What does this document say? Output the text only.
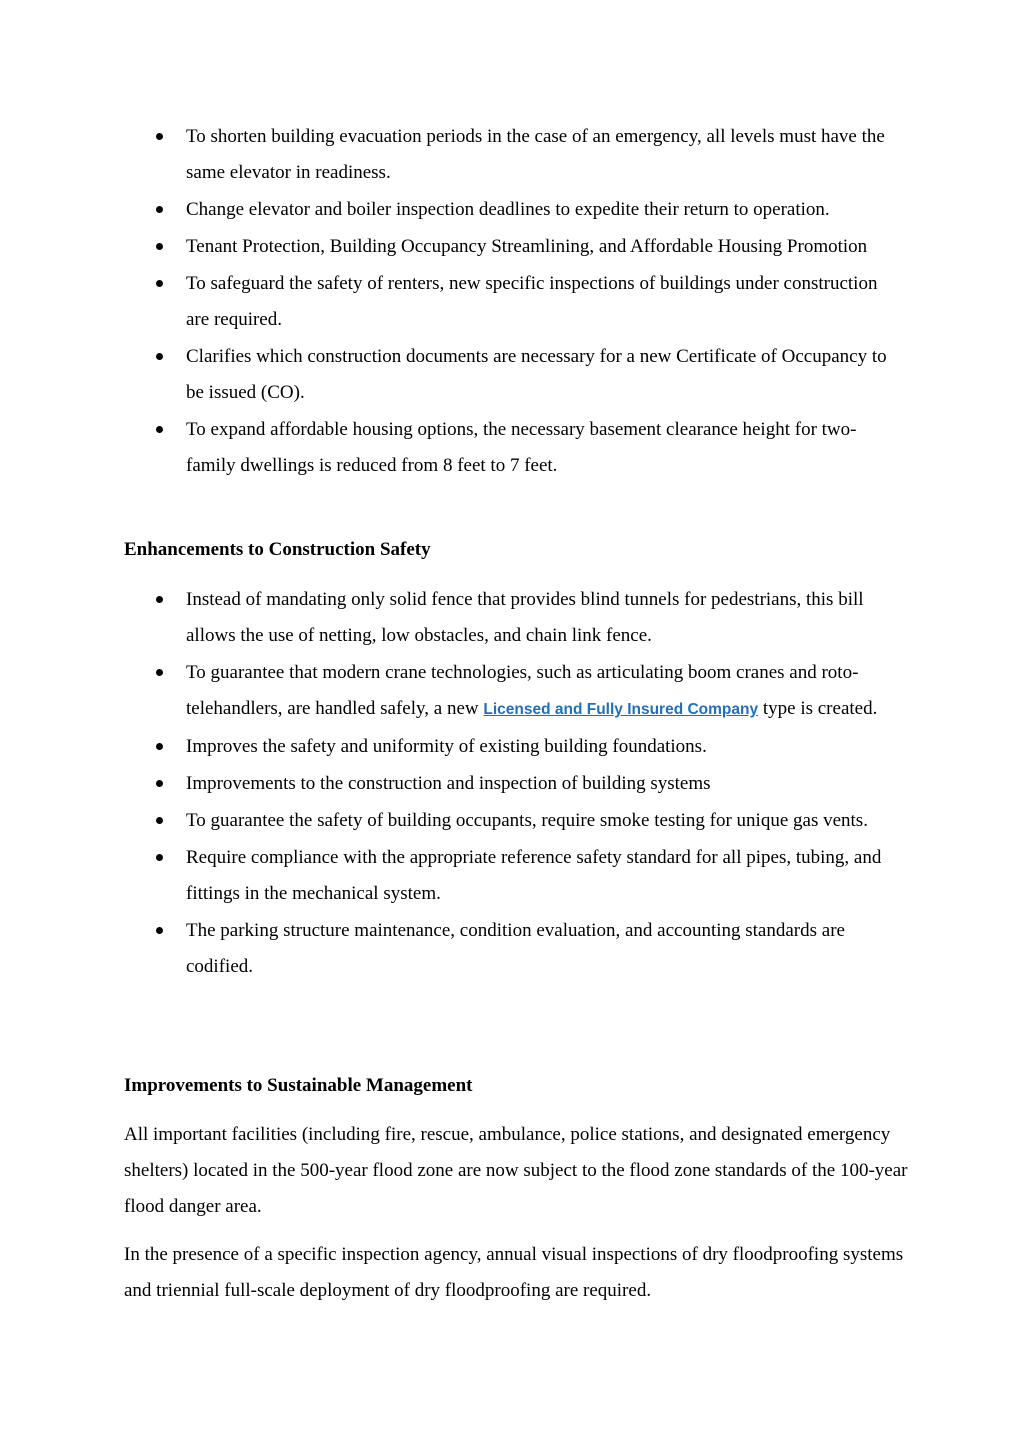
To shorten building evacuation periods in the case of an emergency, all levels must have the same elevator in readiness.
Change elevator and boiler inspection deadlines to expedite their return to operation.
Tenant Protection, Building Occupancy Streamlining, and Affordable Housing Promotion
To safeguard the safety of renters, new specific inspections of buildings under construction are required.
Clarifies which construction documents are necessary for a new Certificate of Occupancy to be issued (CO).
To expand affordable housing options, the necessary basement clearance height for two-family dwellings is reduced from 8 feet to 7 feet.
Enhancements to Construction Safety
Instead of mandating only solid fence that provides blind tunnels for pedestrians, this bill allows the use of netting, low obstacles, and chain link fence.
To guarantee that modern crane technologies, such as articulating boom cranes and roto-telehandlers, are handled safely, a new Licensed and Fully Insured Company type is created.
Improves the safety and uniformity of existing building foundations.
Improvements to the construction and inspection of building systems
To guarantee the safety of building occupants, require smoke testing for unique gas vents.
Require compliance with the appropriate reference safety standard for all pipes, tubing, and fittings in the mechanical system.
The parking structure maintenance, condition evaluation, and accounting standards are codified.
Improvements to Sustainable Management

All important facilities (including fire, rescue, ambulance, police stations, and designated emergency shelters) located in the 500-year flood zone are now subject to the flood zone standards of the 100-year flood danger area.

In the presence of a specific inspection agency, annual visual inspections of dry floodproofing systems and triennial full-scale deployment of dry floodproofing are required.
